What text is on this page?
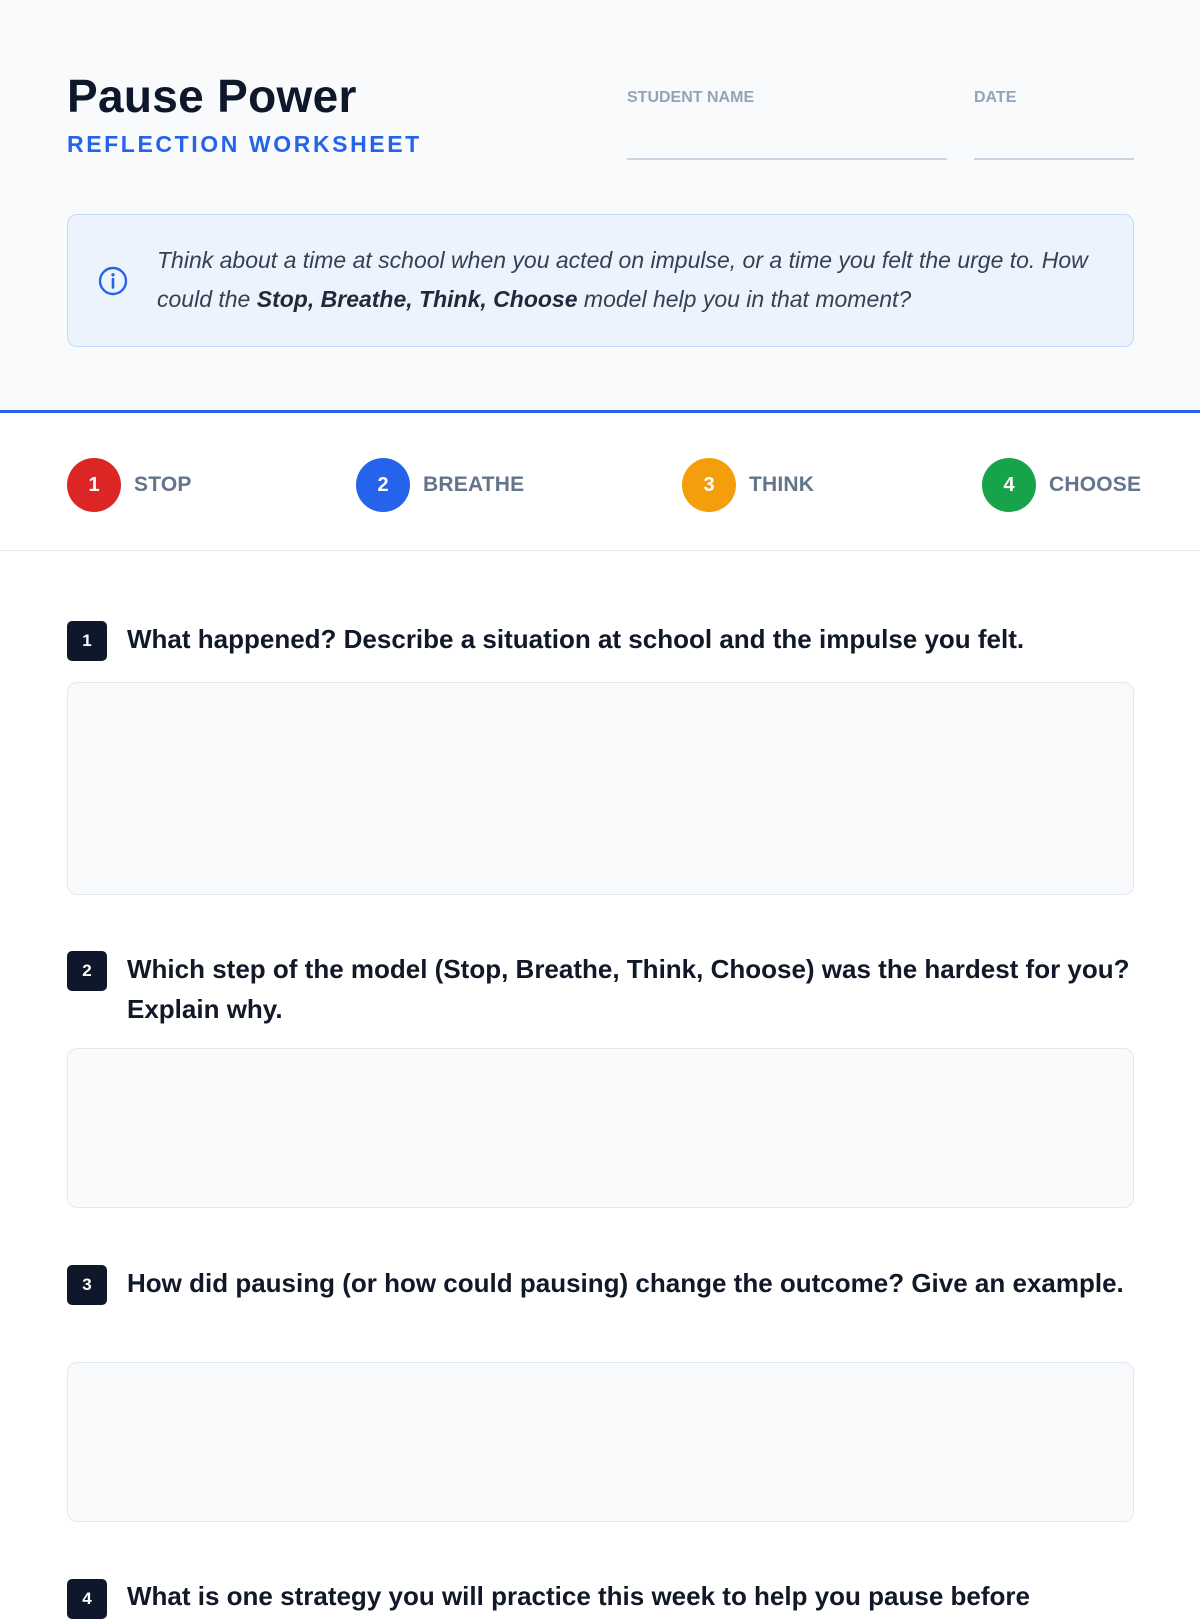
Pause Power
REFLECTION WORKSHEET
STUDENT NAME	DATE
Think about a time at school when you acted on impulse, or a time you felt the urge to. How could the Stop, Breathe, Think, Choose model help you in that moment?
1	STOP	2	BREATHE	3	THINK	4	CHOOSE
1	What happened? Describe a situation at school and the impulse you felt.
2	Which step of the model (Stop, Breathe, Think, Choose) was the hardest for you? Explain why.
3	How did pausing (or how could pausing) change the outcome? Give an example.
4	What is one strategy you will practice this week to help you pause before
